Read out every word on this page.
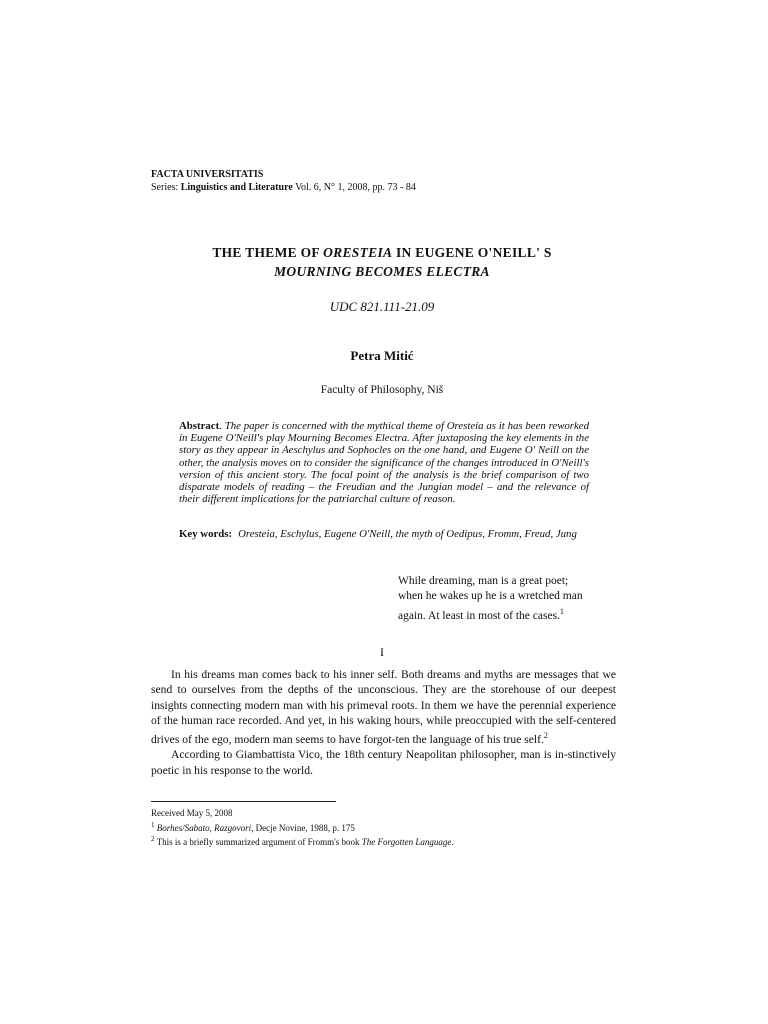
FACTA UNIVERSITATIS
Series: Linguistics and Literature Vol. 6, N° 1, 2008, pp. 73 - 84
THE THEME OF ORESTEIA IN EUGENE O'NEILL' S
MOURNING BECOMES ELECTRA
UDC 821.111-21.09
Petra Mitić
Faculty of Philosophy, Niš
Abstract. The paper is concerned with the mythical theme of Oresteia as it has been reworked in Eugene O'Neill's play Mourning Becomes Electra. After juxtaposing the key elements in the story as they appear in Aeschylus and Sophocles on the one hand, and Eugene O' Neill on the other, the analysis moves on to consider the significance of the changes introduced in O'Neill's version of this ancient story. The focal point of the analysis is the brief comparison of two disparate models of reading – the Freudian and the Jungian model – and the relevance of their different implications for the patriarchal culture of reason.
Key words: Oresteia, Eschylus, Eugene O'Neill, the myth of Oedipus, Fromm, Freud, Jung
While dreaming, man is a great poet;
when he wakes up he is a wretched man
again. At least in most of the cases.$^1$
I

In his dreams man comes back to his inner self. Both dreams and myths are messages that we send to ourselves from the depths of the unconscious. They are the storehouse of our deepest insights connecting modern man with his primeval roots. In them we have the perennial experience of the human race recorded. And yet, in his waking hours, while preoccupied with the self-centered drives of the ego, modern man seems to have forgot-ten the language of his true self.$^2$

According to Giambattista Vico, the 18th century Neapolitan philosopher, man is in-stinctively poetic in his response to the world.

Received May 5, 2008
$^1$ Borhes/Sabato, Razgovori, Decje Novine, 1988, p. 175
$^2$ This is a briefly summarized argument of Fromm's book The Forgotten Language.
